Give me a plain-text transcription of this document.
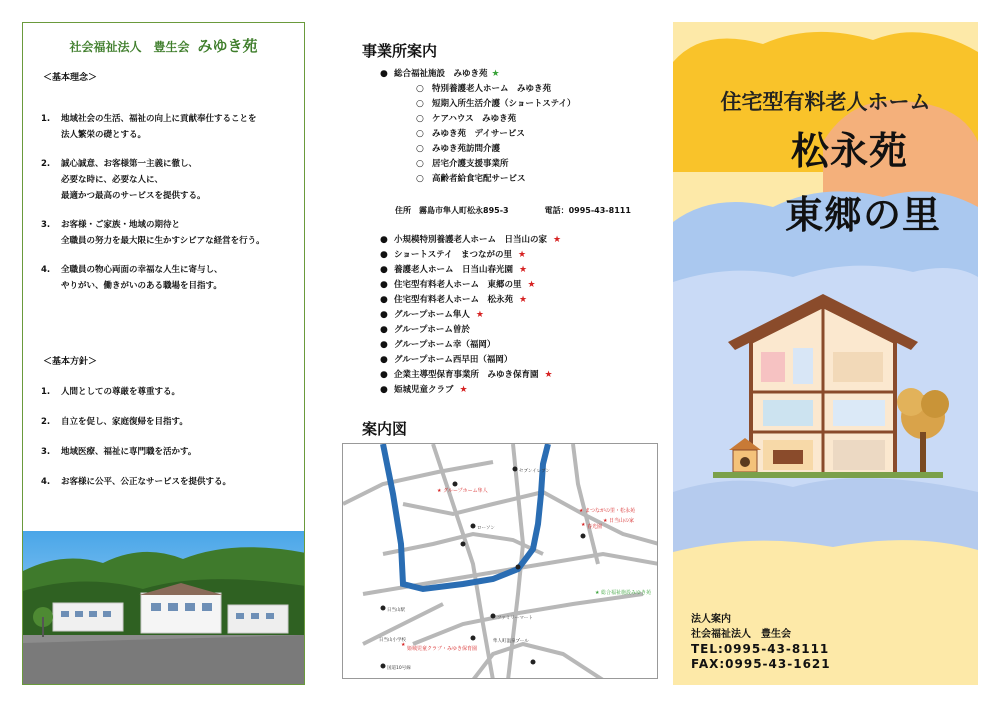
社会福祉法人　豊生会 みゆき苑
＜基本理念＞
1.	地域社会の生活、福祉の向上に貢献奉仕することを
法人繁栄の礎とする。
2.	誠心誠意、お客様第一主義に徹し、
必要な時に、必要な人に、
最適かつ最高のサービスを提供する。
3.	お客様・ご家族・地域の期待と
全職員の努力を最大限に生かすシビアな経営を行う。
4.	全職員の物心両面の幸福な人生に寄与し、
やりがい、働きがいのある職場を目指す。
＜基本方針＞
1.	人間としての尊厳を尊重する。
2.	自立を促し、家庭復帰を目指す。
3.	地域医療、福祉に専門職を活かす。
4.	お客様に公平、公正なサービスを提供する。
事業所案内
● 総合福祉施設　みゆき苑 ★
○ 特別養護老人ホーム　みゆき苑
○ 短期入所生活介護（ショートステイ）
○ ケアハウス　みゆき苑
○ みゆき苑　デイサービス
○ みゆき苑訪問介護
○ 居宅介護支援事業所
○ 高齢者給食宅配サービス
住所　霧島市隼人町松永895-3	電話：0995-43-8111
● 小規模特別養護老人ホーム　日当山の家 ★
● ショートステイ　まつながの里 ★
● 養護老人ホーム　日当山春光園 ★
● 住宅型有料老人ホーム　東郷の里 ★
● 住宅型有料老人ホーム　松永苑 ★
● グループホーム隼人 ★
● グループホーム曽於
● グループホーム幸（福岡）
● グループホーム西早田（福岡）
● 企業主導型保育事業所　みゆき保育園 ★
● 姫城児童クラブ ★
案内図
★ グループホーム隼人
★ まつながの里・松永苑
★ 日当山の家
★ 春光園
★
姫城児童クラブ・みゆき保育園
★ 総合福祉施設みゆき苑
セブンイレブン
ローソン
ファミリーマート
日当山駅
日当山小学校	隼人町温泉プール
国道10号線
住宅型有料老人ホーム
松永苑
東郷の里
法人案内
社会福祉法人　豊生会
TEL:0995-43-8111
FAX:0995-43-1621
